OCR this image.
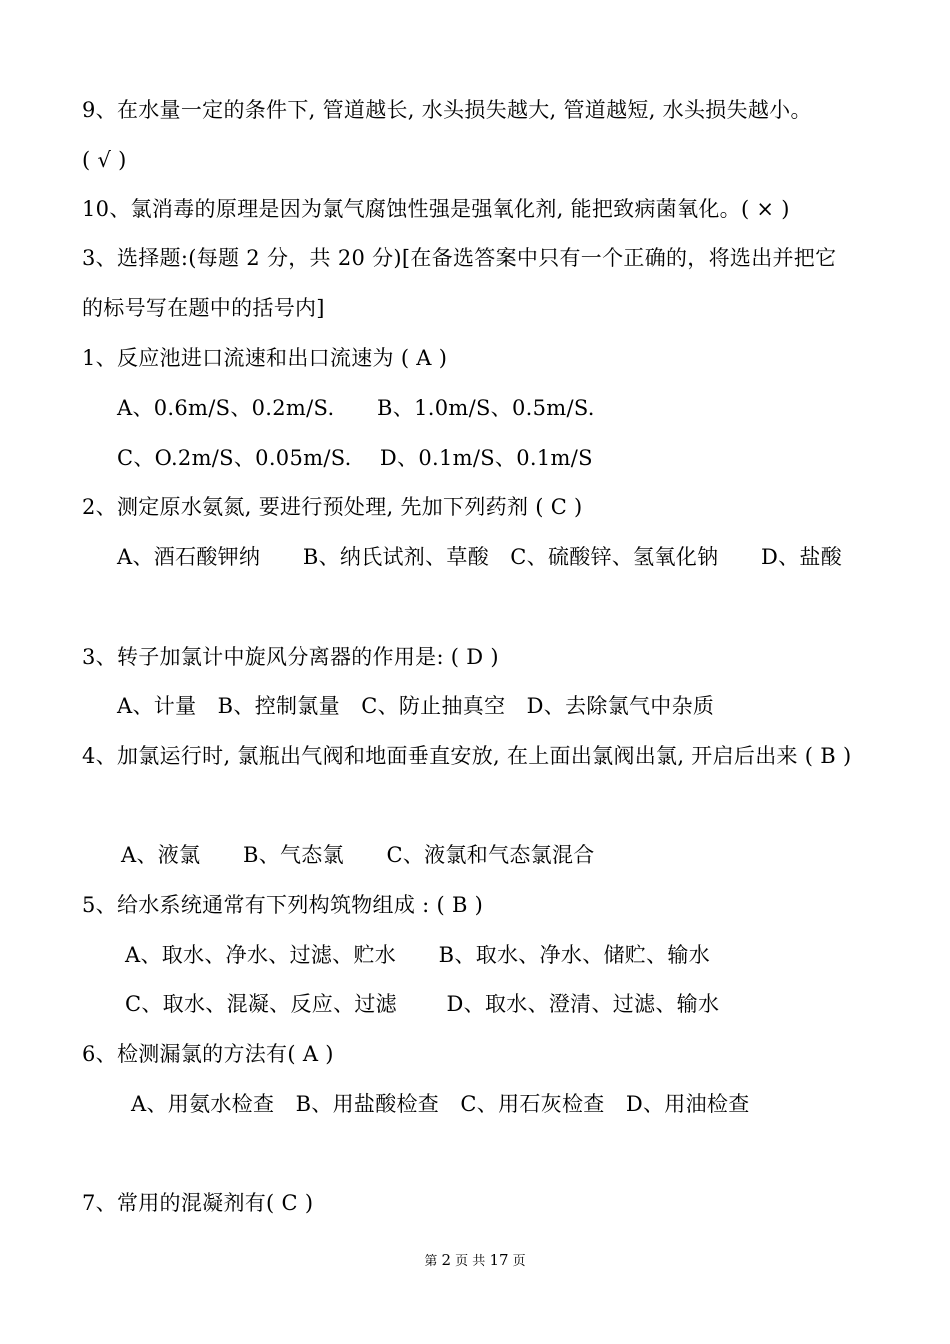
9、在水量一定的条件下, 管道越长, 水头损失越大, 管道越短, 水头损失越小。
( √ )
10、氯消毒的原理是因为氯气腐蚀性强是强氧化剂, 能把致病菌氧化。( × )
3、选择题:(每题 2 分，共 20 分)[在备选答案中只有一个正确的，将选出并把它
的标号写在题中的括号内]
1、反应池进口流速和出口流速为 ( A )
A、0.6m/S、0.2m/S.　　B、1.0m/S、0.5m/S.
C、O.2m/S、0.05m/S.　 D、0.1m/S、0.1m/S
2、测定原水氨氮, 要进行预处理, 先加下列药剂 ( C )
A、酒石酸钾纳　　B、纳氏试剂、草酸　C、硫酸锌、氢氧化钠　　D、盐酸
3、转子加氯计中旋风分离器的作用是: ( D )
A、计量　B、控制氯量　C、防止抽真空　D、去除氯气中杂质
4、加氯运行时, 氯瓶出气阀和地面垂直安放, 在上面出氯阀出氯, 开启后出来 ( B )
A、液氯　　B、气态氯　　C、液氯和气态氯混合
5、给水系统通常有下列构筑物组成 : ( B )
A、取水、净水、过滤、贮水　　B、取水、净水、储贮、输水
C、取水、混凝、反应、过滤　　 D、取水、澄清、过滤、输水
6、检测漏氯的方法有( A )
A、用氨水检查　B、用盐酸检查　C、用石灰检查　D、用油检查
7、常用的混凝剂有( C )
第 2 页 共 17 页
